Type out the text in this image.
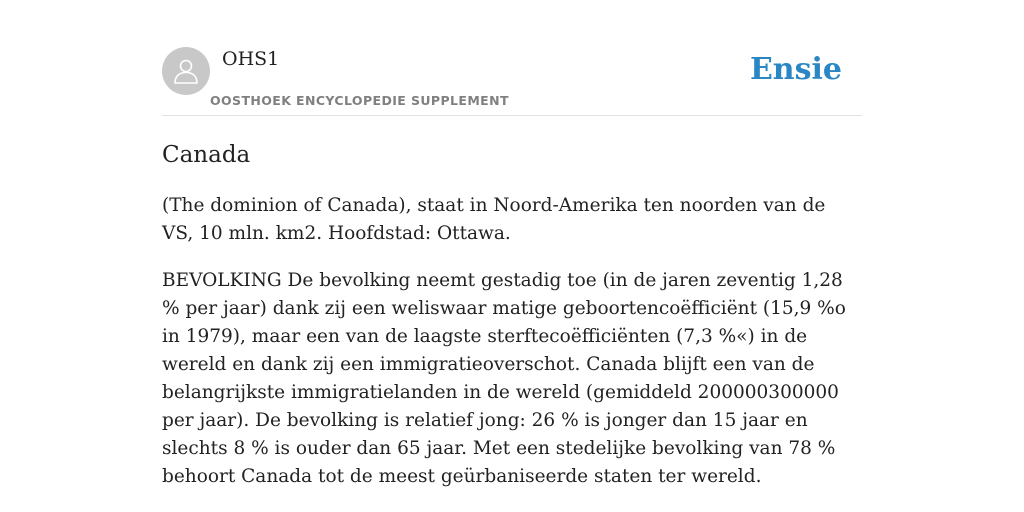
OHS1
OOSTHOEK ENCYCLOPEDIE SUPPLEMENT
Ensie
Canada

(The dominion of Canada), staat in Noord-Amerika ten noorden van de VS, 10 mln. km2. Hoofdstad: Ottawa.

BEVOLKING De bevolking neemt gestadig toe (in de jaren zeventig 1,28 % per jaar) dank zij een weliswaar matige geboortencoëfficiënt (15,9 %o in 1979), maar een van de laagste sterftecoëfficiënten (7,3 %«) in de wereld en dank zij een immigratieoverschot. Canada blijft een van de belangrijkste immigratielanden in de wereld (gemiddeld 200000300000 per jaar). De bevolking is relatief jong: 26 % is jonger dan 15 jaar en slechts 8 % is ouder dan 65 jaar. Met een stedelijke bevolking van 78 % behoort Canada tot de meest geürbaniseerde staten ter wereld.
